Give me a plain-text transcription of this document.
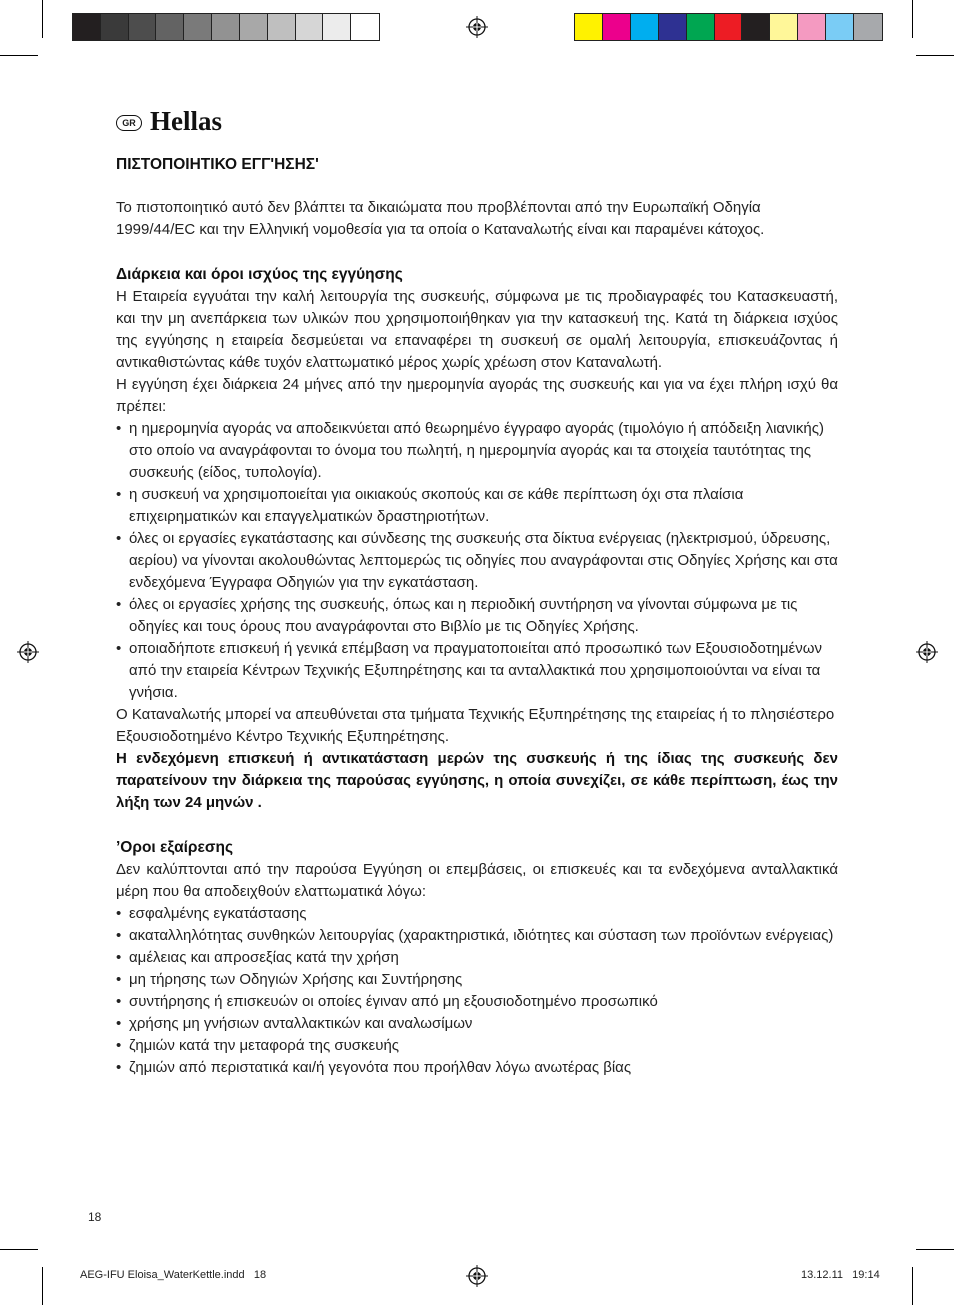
GR Hellas
ΠΙΣΤΟΠΟΙΗΤΙΚΟ ΕΓΓ'ΗΣΗΣ'

Το πιστοποιητικό αυτό δεν βλάπτει τα δικαιώματα που προβλέπονται από την Ευρωπαϊκή Οδηγία 1999/44/EC και την Ελληνική νομοθεσία για τα οποία ο Καταναλωτής είναι και παραμένει κάτοχος.

Διάρκεια και όροι ισχύος της εγγύησης

Η Εταιρεία εγγυάται την καλή λειτουργία της συσκευής, σύμφωνα με τις προδιαγραφές του Κατασκευαστή, και την μη ανεπάρκεια των υλικών που χρησιμοποιήθηκαν για την κατασκευή της. Κατά τη διάρκεια ισχύος της εγγύησης η εταιρεία δεσμεύεται να επαναφέρει τη συσκευή σε ομαλή λειτουργία, επισκευάζοντας ή αντικαθιστώντας κάθε τυχόν ελαττωματικό μέρος χωρίς χρέωση στον Καταναλωτή.

Η εγγύηση έχει διάρκεια 24 μήνες από την ημερομηνία αγοράς της συσκευής και για να έχει πλήρη ισχύ θα πρέπει:

• η ημερομηνία αγοράς να αποδεικνύεται από θεωρημένο έγγραφο αγοράς (τιμολόγιο ή απόδειξη λιανικής) στο οποίο να αναγράφονται το όνομα του πωλητή, η ημερομηνία αγοράς και τα στοιχεία ταυτότητας της συσκευής (είδος, τυπολογία).
• η συσκευή να χρησιμοποιείται για οικιακούς σκοπούς και σε κάθε περίπτωση όχι στα πλαίσια επιχειρηματικών και επαγγελματικών δραστηριοτήτων.
• όλες οι εργασίες εγκατάστασης και σύνδεσης της συσκευής στα δίκτυα ενέργειας (ηλεκτρισμού, ύδρευσης, αερίου) να γίνονται ακολουθώντας λεπτομερώς τις οδηγίες που αναγράφονται στις Οδηγίες Χρήσης και στα ενδεχόμενα Έγγραφα Οδηγιών για την εγκατάσταση.
• όλες οι εργασίες χρήσης της συσκευής, όπως και η περιοδική συντήρηση να γίνονται σύμφωνα με τις οδηγίες και τους όρους που αναγράφονται στο Βιβλίο με τις Οδηγίες Χρήσης.
• οποιαδήποτε επισκευή ή γενικά επέμβαση να πραγματοποιείται από προσωπικό των Εξουσιοδοτημένων από την εταιρεία Κέντρων Τεχνικής Εξυπηρέτησης και τα ανταλλακτικά που χρησιμοποιούνται να είναι τα γνήσια.

Ο Καταναλωτής μπορεί να απευθύνεται στα τμήματα Τεχνικής Εξυπηρέτησης της εταιρείας ή το πλησιέστερο Εξουσιοδοτημένο Κέντρο Τεχνικής Εξυπηρέτησης.

Η ενδεχόμενη επισκευή ή αντικατάσταση μερών της συσκευής ή της ίδιας της συσκευής δεν παρατείνουν την διάρκεια της παρούσας εγγύησης, η οποία συνεχίζει, σε κάθε περίπτωση, έως την λήξη των 24 μηνών .

’Οροι εξαίρεσης

Δεν καλύπτονται από την παρούσα Εγγύηση οι επεμβάσεις, οι επισκευές και τα ενδεχόμενα ανταλλακτικά μέρη που θα αποδειχθούν ελαττωματικά λόγω:

• εσφαλμένης εγκατάστασης
• ακαταλληλότητας συνθηκών λειτουργίας (χαρακτηριστικά, ιδιότητες και σύσταση των προϊόντων ενέργειας)
• αμέλειας και απροσεξίας κατά την χρήση
• μη τήρησης των Οδηγιών Χρήσης και Συντήρησης
• συντήρησης ή επισκευών οι οποίες έγιναν από μη εξουσιοδοτημένο προσωπικό
• χρήσης μη γνήσιων ανταλλακτικών και αναλωσίμων
• ζημιών κατά την μεταφορά της συσκευής
• ζημιών από περιστατικά και/ή γεγονότα που προήλθαν λόγω ανωτέρας βίας
18
AEG-IFU Eloisa_WaterKettle.indd   18	13.12.11   19:14
